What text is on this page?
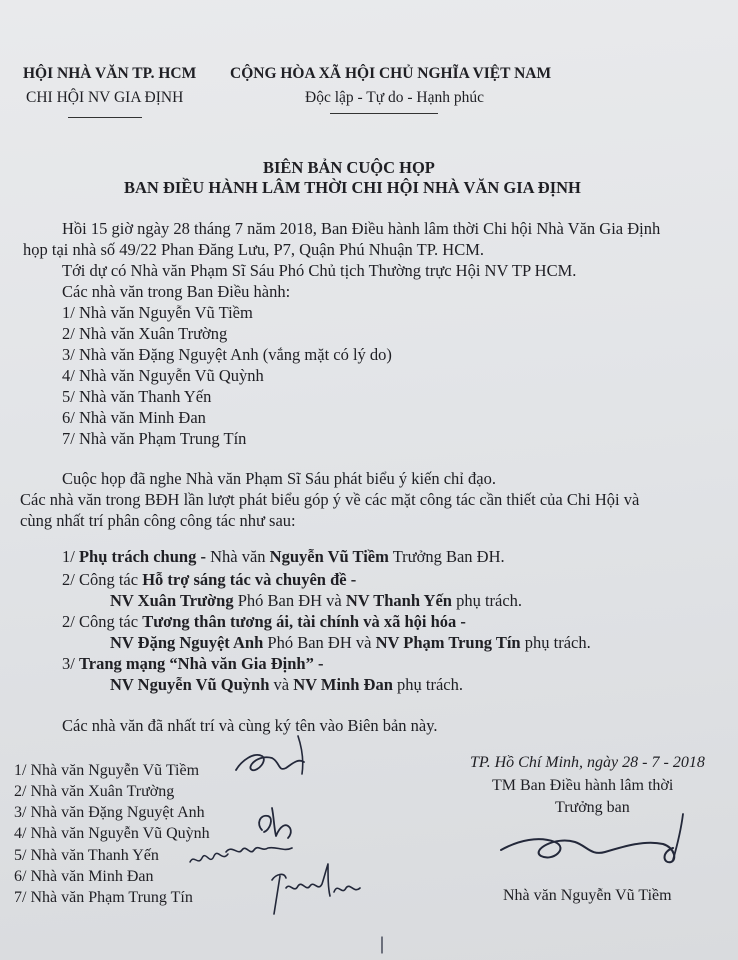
HỘI NHÀ VĂN TP. HCM
CHI HỘI NV GIA ĐỊNH
CỘNG HÒA XÃ HỘI CHỦ NGHĨA VIỆT NAM
Độc lập - Tự do - Hạnh phúc
BIÊN BẢN CUỘC HỌP
BAN ĐIỀU HÀNH LÂM THỜI CHI HỘI NHÀ VĂN GIA ĐỊNH
Hồi 15 giờ ngày 28 tháng 7 năm 2018, Ban Điều hành lâm thời Chi hội Nhà Văn Gia Định
họp tại nhà số 49/22 Phan Đăng Lưu, P7, Quận Phú Nhuận TP. HCM.
Tới dự có Nhà văn Phạm Sĩ Sáu Phó Chủ tịch Thường trực Hội NV TP HCM.
Các nhà văn trong Ban Điều hành:
1/ Nhà văn Nguyễn Vũ Tiềm
2/ Nhà văn Xuân Trường
3/ Nhà văn Đặng Nguyệt Anh (vắng mặt có lý do)
4/ Nhà văn Nguyễn Vũ Quỳnh
5/ Nhà văn Thanh Yến
6/ Nhà văn Minh Đan
7/ Nhà văn Phạm Trung Tín
Cuộc họp đã nghe Nhà văn Phạm Sĩ Sáu phát biểu ý kiến chỉ đạo.
Các nhà văn trong BĐH lần lượt phát biểu góp ý về các mặt công tác cần thiết của Chi Hội và
cùng nhất trí phân công công tác như sau:
1/ Phụ trách chung - Nhà văn Nguyễn Vũ Tiềm Trưởng Ban ĐH.
2/ Công tác Hỗ trợ sáng tác và chuyên đề -
NV Xuân Trường Phó Ban ĐH và NV Thanh Yến phụ trách.
2/ Công tác Tương thân tương ái, tài chính và xã hội hóa -
NV Đặng Nguyệt Anh Phó Ban ĐH và NV Phạm Trung Tín phụ trách.
3/ Trang mạng “Nhà văn Gia Định” -
NV Nguyễn Vũ Quỳnh và NV Minh Đan phụ trách.
Các nhà văn đã nhất trí và cùng ký tên vào Biên bản này.
1/ Nhà văn Nguyễn Vũ Tiềm
2/ Nhà văn Xuân Trường
3/ Nhà văn Đặng Nguyệt Anh
4/ Nhà văn Nguyễn Vũ Quỳnh
5/ Nhà văn Thanh Yến
6/ Nhà văn Minh Đan
7/ Nhà văn Phạm Trung Tín
TP. Hồ Chí Minh, ngày 28 - 7 - 2018
TM Ban Điều hành lâm thời
Trưởng ban
Nhà văn Nguyễn Vũ Tiềm
